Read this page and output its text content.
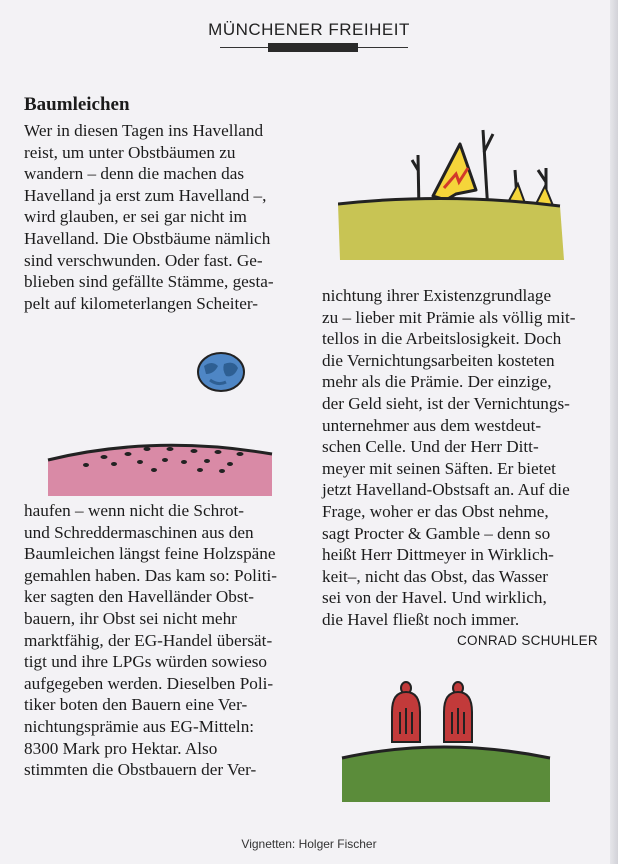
MÜNCHENER FREIHEIT
Baumleichen
Wer in diesen Tagen ins Havelland
reist, um unter Obstbäumen zu
wandern – denn die machen das
Havelland ja erst zum Havelland –,
wird glauben, er sei gar nicht im
Havelland. Die Obstbäume nämlich
sind verschwunden. Oder fast. Ge-
blieben sind gefällte Stämme, gesta-
pelt auf kilometerlangen Scheiter-
haufen – wenn nicht die Schrot-
und Schreddermaschinen aus den
Baumleichen längst feine Holzspäne
gemahlen haben. Das kam so: Politi-
ker sagten den Havelländer Obst-
bauern, ihr Obst sei nicht mehr
marktfähig, der EG-Handel übersät-
tigt und ihre LPGs würden sowieso
aufgegeben werden. Dieselben Poli-
tiker boten den Bauern eine Ver-
nichtungsprämie aus EG-Mitteln:
8300 Mark pro Hektar. Also
stimmten die Obstbauern der Ver-
nichtung ihrer Existenzgrundlage
zu – lieber mit Prämie als völlig mit-
tellos in die Arbeitslosigkeit. Doch
die Vernichtungsarbeiten kosteten
mehr als die Prämie. Der einzige,
der Geld sieht, ist der Vernichtungs-
unternehmer aus dem westdeut-
schen Celle. Und der Herr Ditt-
meyer mit seinen Säften. Er bietet
jetzt Havelland-Obstsaft an. Auf die
Frage, woher er das Obst nehme,
sagt Procter & Gamble – denn so
heißt Herr Dittmeyer in Wirklich-
keit–, nicht das Obst, das Wasser
sei von der Havel. Und wirklich,
die Havel fließt noch immer.
CONRAD SCHUHLER
Vignetten: Holger Fischer
